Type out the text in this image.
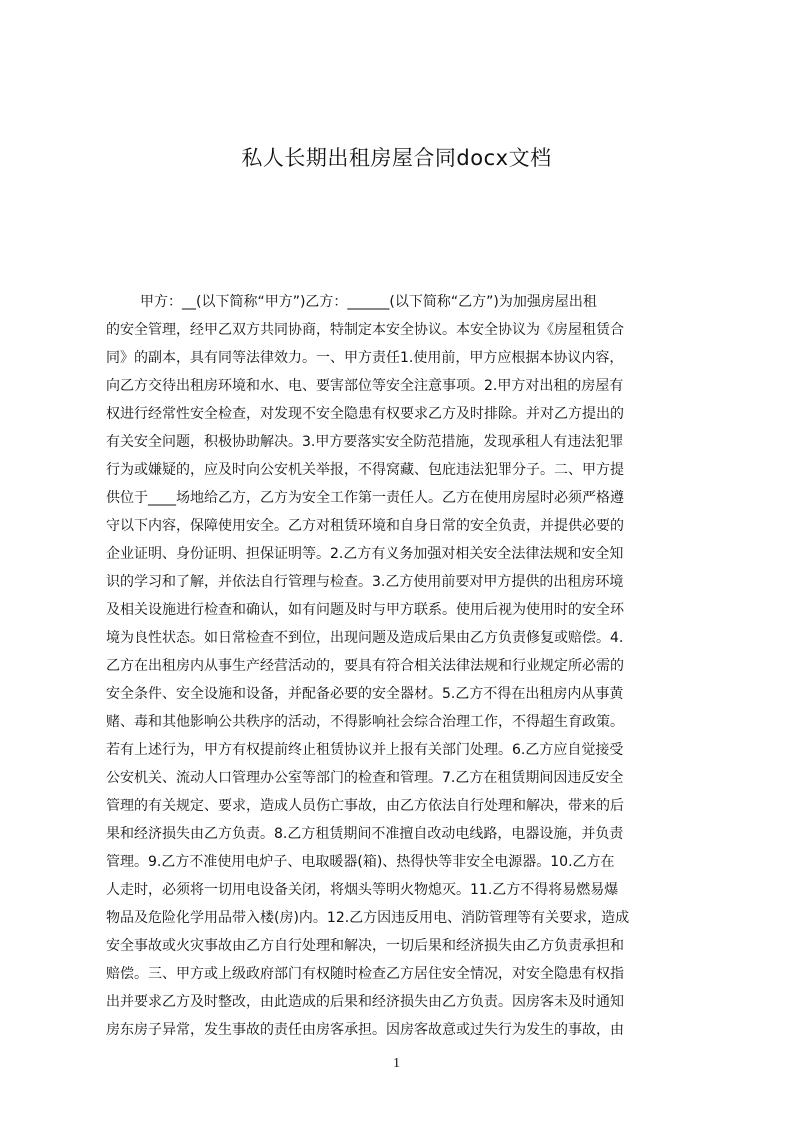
私人长期出租房屋合同docx文档
甲方：__(以下简称“甲方”)乙方：______(以下简称“乙方”)为加强房屋出租
的安全管理，经甲乙双方共同协商，特制定本安全协议。本安全协议为《房屋租赁合
同》的副本，具有同等法律效力。一、甲方责任1.使用前，甲方应根据本协议内容，
向乙方交待出租房环境和水、电、要害部位等安全注意事项。2.甲方对出租的房屋有
权进行经常性安全检查，对发现不安全隐患有权要求乙方及时排除。并对乙方提出的
有关安全问题，积极协助解决。3.甲方要落实安全防范措施，发现承租人有违法犯罪
行为或嫌疑的，应及时向公安机关举报，不得窝藏、包庇违法犯罪分子。二、甲方提
供位于____场地给乙方，乙方为安全工作第一责任人。乙方在使用房屋时必须严格遵
守以下内容，保障使用安全。乙方对租赁环境和自身日常的安全负责，并提供必要的
企业证明、身份证明、担保证明等。2.乙方有义务加强对相关安全法律法规和安全知
识的学习和了解，并依法自行管理与检查。3.乙方使用前要对甲方提供的出租房环境
及相关设施进行检查和确认，如有问题及时与甲方联系。使用后视为使用时的安全环
境为良性状态。如日常检查不到位，出现问题及造成后果由乙方负责修复或赔偿。4.
乙方在出租房内从事生产经营活动的，要具有符合相关法律法规和行业规定所必需的
安全条件、安全设施和设备，并配备必要的安全器材。5.乙方不得在出租房内从事黄
赌、毒和其他影响公共秩序的活动，不得影响社会综合治理工作，不得超生育政策。
若有上述行为，甲方有权提前终止租赁协议并上报有关部门处理。6.乙方应自觉接受
公安机关、流动人口管理办公室等部门的检查和管理。7.乙方在租赁期间因违反安全
管理的有关规定、要求，造成人员伤亡事故，由乙方依法自行处理和解决，带来的后
果和经济损失由乙方负责。8.乙方租赁期间不准擅自改动电线路，电器设施，并负责
管理。9.乙方不准使用电炉子、电取暖器(箱)、热得快等非安全电源器。10.乙方在
人走时，必须将一切用电设备关闭，将烟头等明火物熄灭。11.乙方不得将易燃易爆
物品及危险化学用品带入楼(房)内。12.乙方因违反用电、消防管理等有关要求，造成
安全事故或火灾事故由乙方自行处理和解决，一切后果和经济损失由乙方负责承担和
赔偿。三、甲方或上级政府部门有权随时检查乙方居住安全情况，对安全隐患有权指
出并要求乙方及时整改，由此造成的后果和经济损失由乙方负责。因房客未及时通知
房东房子异常，发生事故的责任由房客承担。因房客故意或过失行为发生的事故，由
1
